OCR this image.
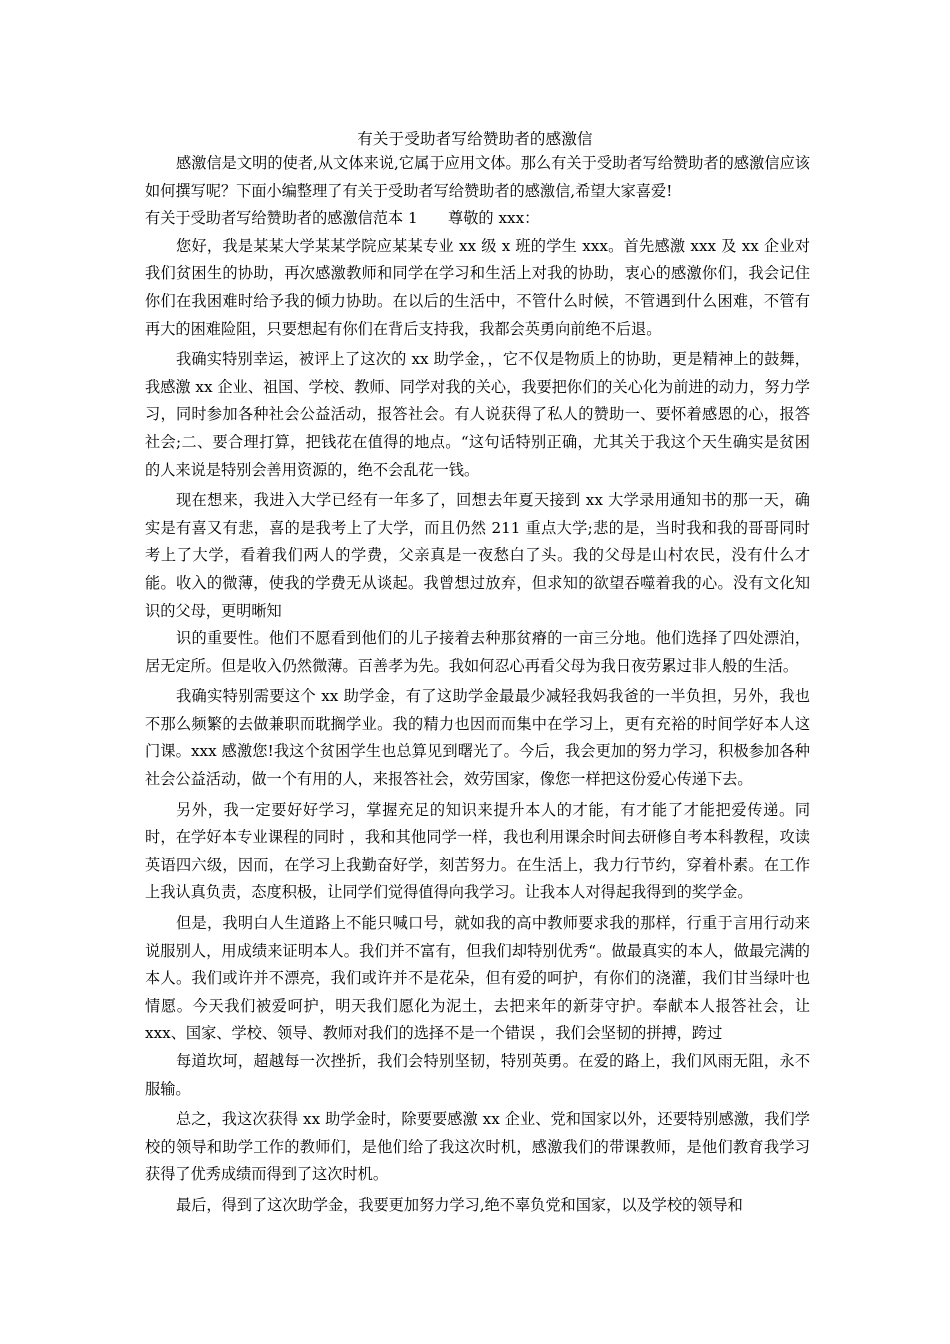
有关于受助者写给赞助者的感激信

感激信是文明的使者,从文体来说,它属于应用文体。那么有关于受助者写给赞助者的感激信应该如何撰写呢？下面小编整理了有关于受助者写给赞助者的感激信,希望大家喜爱!

有关于受助者写给赞助者的感激信范本 1　　尊敬的 xxx：

您好，我是某某大学某某学院应某某专业 xx 级 x 班的学生 xxx。首先感激 xxx 及 xx 企业对我们贫困生的协助，再次感激教师和同学在学习和生活上对我的协助，衷心的感激你们，我会记住你们在我困难时给予我的倾力协助。在以后的生活中，不管什么时候，不管遇到什么困难，不管有再大的困难险阻，只要想起有你们在背后支持我，我都会英勇向前绝不后退。

我确实特别幸运，被评上了这次的 xx 助学金，，它不仅是物质上的协助，更是精神上的鼓舞，我感激 xx 企业、祖国、学校、教师、同学对我的关心，我要把你们的关心化为前进的动力，努力学习，同时参加各种社会公益活动，报答社会。有人说获得了私人的赞助一、要怀着感恩的心，报答社会;二、要合理打算，把钱花在值得的地点。“这句话特别正确，尤其关于我这个天生确实是贫困的人来说是特别会善用资源的，绝不会乱花一钱。

现在想来，我进入大学已经有一年多了，回想去年夏天接到 xx 大学录用通知书的那一天，确实是有喜又有悲，喜的是我考上了大学，而且仍然 211 重点大学;悲的是，当时我和我的哥哥同时考上了大学，看着我们两人的学费，父亲真是一夜愁白了头。我的父母是山村农民，没有什么才能。收入的微薄，使我的学费无从谈起。我曾想过放弃，但求知的欲望吞噬着我的心。没有文化知识的父母，更明晰知

识的重要性。他们不愿看到他们的儿子接着去种那贫瘠的一亩三分地。他们选择了四处漂泊，居无定所。但是收入仍然微薄。百善孝为先。我如何忍心再看父母为我日夜劳累过非人般的生活。

我确实特别需要这个 xx 助学金，有了这助学金最最少减轻我妈我爸的一半负担，另外，我也不那么频繁的去做兼职而耽搁学业。我的精力也因而而集中在学习上，更有充裕的时间学好本人这门课。xxx 感激您!我这个贫困学生也总算见到曙光了。今后，我会更加的努力学习，积极参加各种社会公益活动，做一个有用的人，来报答社会，效劳国家，像您一样把这份爱心传递下去。

另外，我一定要好好学习，掌握充足的知识来提升本人的才能，有才能了才能把爱传递。同时，在学好本专业课程的同时 ，我和其他同学一样，我也利用课余时间去研修自考本科教程，攻读英语四六级，因而，在学习上我勤奋好学，刻苦努力。在生活上，我力行节约，穿着朴素。在工作上我认真负责，态度积极，让同学们觉得值得向我学习。让我本人对得起我得到的奖学金。

但是，我明白人生道路上不能只喊口号，就如我的高中教师要求我的那样，行重于言用行动来说服别人，用成绩来证明本人。我们并不富有，但我们却特别优秀“。做最真实的本人，做最完满的本人。我们或许并不漂亮，我们或许并不是花朵，但有爱的呵护，有你们的浇灌，我们甘当绿叶也情愿。今天我们被爱呵护，明天我们愿化为泥土，去把来年的新芽守护。奉献本人报答社会，让 xxx、国家、学校、领导、教师对我们的选择不是一个错误 ，我们会坚韧的拼搏，跨过

每道坎坷，超越每一次挫折，我们会特别坚韧，特别英勇。在爱的路上，我们风雨无阻，永不服输。

总之，我这次获得 xx 助学金时，除要要感激 xx 企业、党和国家以外，还要特别感激，我们学校的领导和助学工作的教师们，是他们给了我这次时机，感激我们的带课教师，是他们教育我学习获得了优秀成绩而得到了这次时机。

最后，得到了这次助学金，我要更加努力学习,绝不辜负党和国家，以及学校的领导和
